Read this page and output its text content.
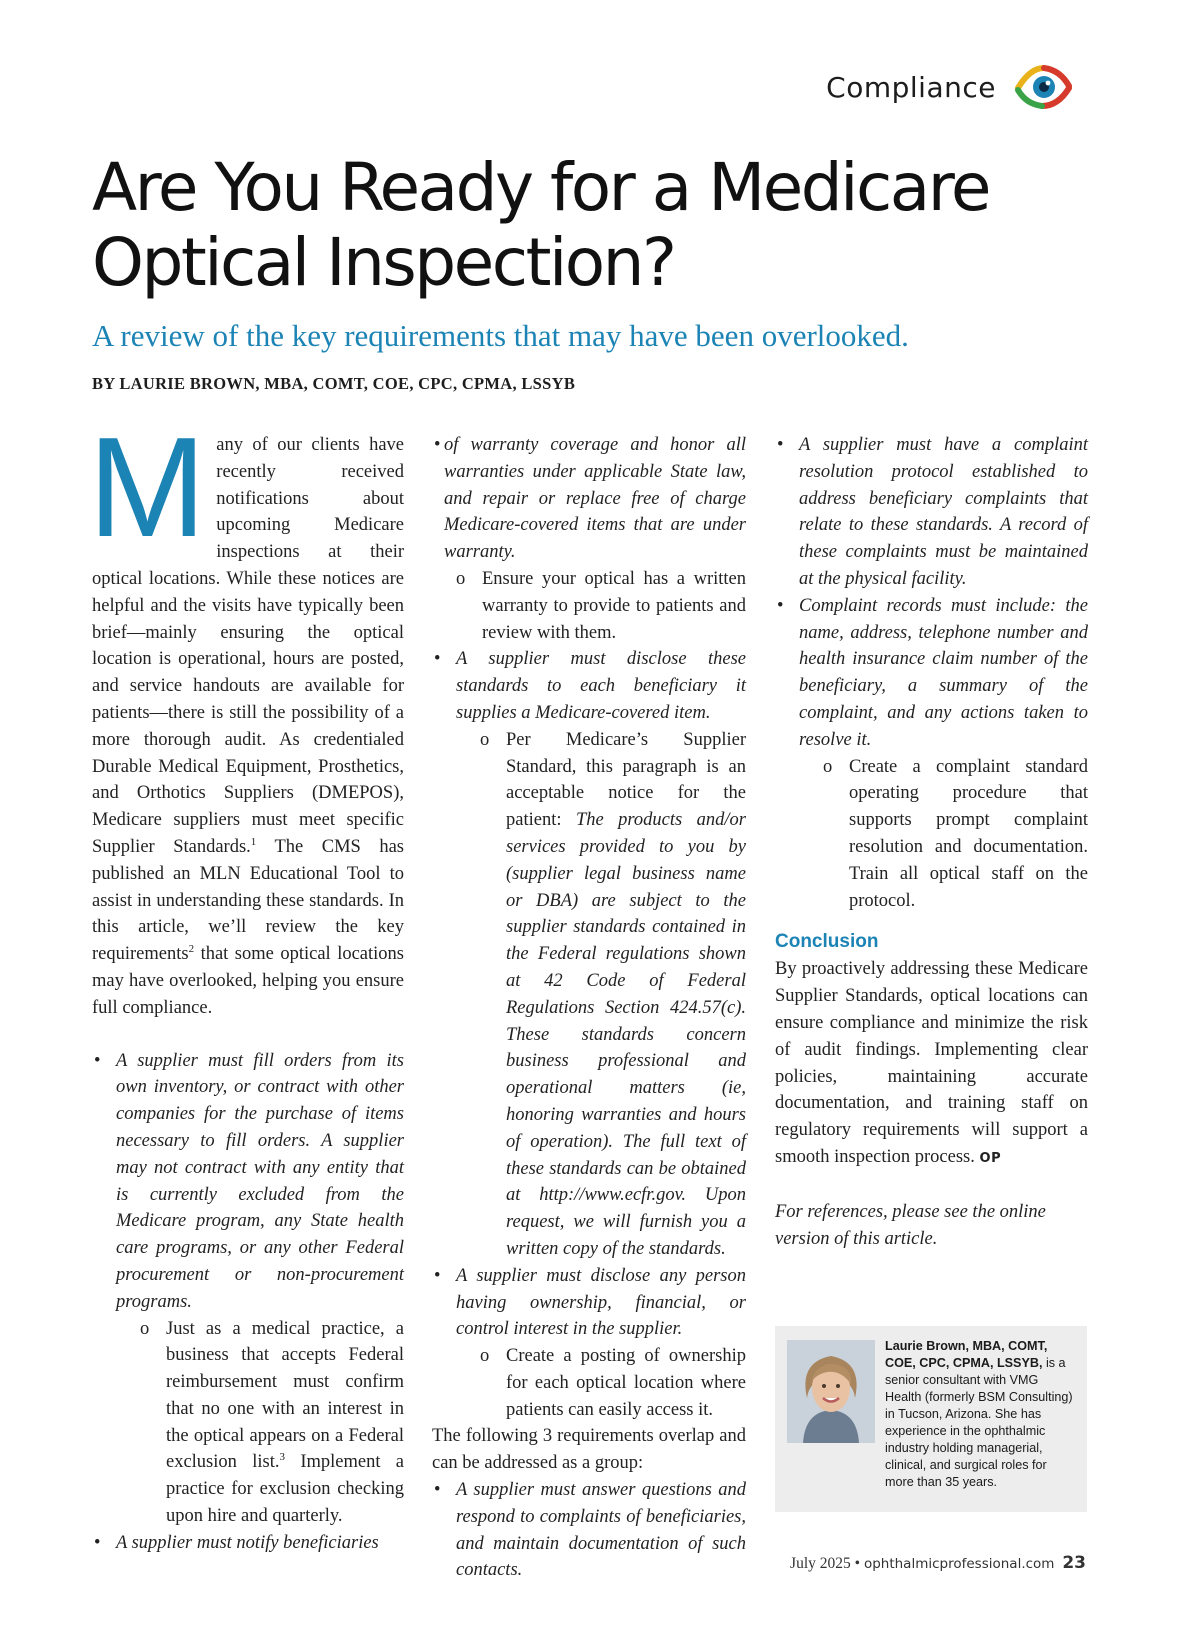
Compliance
Are You Ready for a Medicare Optical Inspection?
A review of the key requirements that may have been overlooked.

BY LAURIE BROWN, MBA, COMT, COE, CPC, CPMA, LSSYB

Many of our clients have recently received notifications about upcoming Medicare inspections at their optical locations. While these notices are helpful and the visits have typically been brief—mainly ensuring the optical location is operational, hours are posted, and service handouts are available for patients—there is still the possibility of a more thorough audit. As credentialed Durable Medical Equipment, Prosthetics, and Orthotics Suppliers (DMEPOS), Medicare suppliers must meet specific Supplier Standards.$^1$ The CMS has published an MLN Educational Tool to assist in understanding these standards. In this article, we’ll review the key requirements$^2$ that some optical locations may have overlooked, helping you ensure full compliance.

• A supplier must fill orders from its own inventory, or contract with other companies for the purchase of items necessary to fill orders. A supplier may not contract with any entity that is currently excluded from the Medicare program, any State health care programs, or any other Federal procurement or non-procurement programs.
o Just as a medical practice, a business that accepts Federal reimbursement must confirm that no one with an interest in the optical appears on a Federal exclusion list.$^3$ Implement a practice for exclusion checking upon hire and quarterly.
• A supplier must notify beneficiaries
• of warranty coverage and honor all warranties under applicable State law, and repair or replace free of charge Medicare-covered items that are under warranty.
o Ensure your optical has a written warranty to provide to patients and review with them.
• A supplier must disclose these standards to each beneficiary it supplies a Medicare-covered item.
o Per Medicare’s Supplier Standard, this paragraph is an acceptable notice for the patient: The products and/or services provided to you by (supplier legal business name or DBA) are subject to the supplier standards contained in the Federal regulations shown at 42 Code of Federal Regulations Section 424.57(c). These standards concern business professional and operational matters (ie, honoring warranties and hours of operation). The full text of these standards can be obtained at http://www.ecfr.gov. Upon request, we will furnish you a written copy of the standards.
• A supplier must disclose any person having ownership, financial, or control interest in the supplier.
o Create a posting of ownership for each optical location where patients can easily access it.

The following 3 requirements overlap and can be addressed as a group:

• A supplier must answer questions and respond to complaints of beneficiaries, and maintain documentation of such contacts.
• A supplier must have a complaint resolution protocol established to address beneficiary complaints that relate to these standards. A record of these complaints must be maintained at the physical facility.
• Complaint records must include: the name, address, telephone number and health insurance claim number of the beneficiary, a summary of the complaint, and any actions taken to resolve it.
o Create a complaint standard operating procedure that supports prompt complaint resolution and documentation. Train all optical staff on the protocol.
Conclusion

By proactively addressing these Medicare Supplier Standards, optical locations can ensure compliance and minimize the risk of audit findings. Implementing clear policies, maintaining accurate documentation, and training staff on regulatory requirements will support a smooth inspection process. OP

For references, please see the online version of this article.

Laurie Brown, MBA, COMT, COE, CPC, CPMA, LSSYB, is a senior consultant with VMG Health (formerly BSM Consulting) in Tucson, Arizona. She has experience in the ophthalmic industry holding managerial, clinical, and surgical roles for more than 35 years.

July 2025 • ophthalmicprofessional.com 23
